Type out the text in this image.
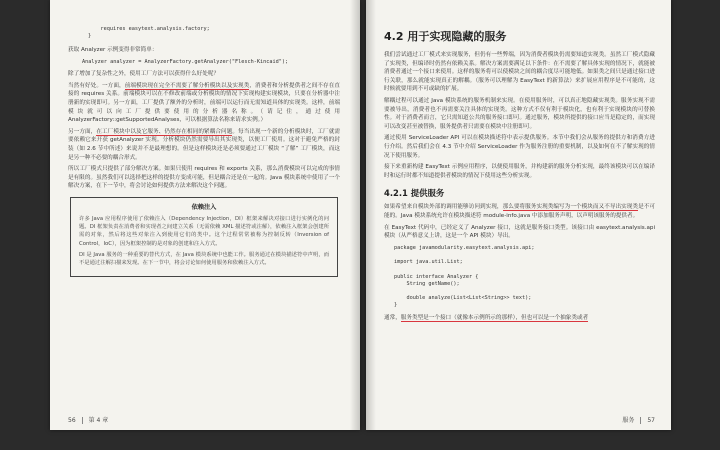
requires easytext.analysis.factory;
}

获取 Analyzer 示例变得非常简单：

Analyzer analyzer = AnalyzerFactory.getAnalyzer("Flesch-Kincaid");

除了增加了复杂性之外，使用工厂方法可以获得什么好处呢？

当然有好处。一方面，前端模块现在完全不需要了解分析模块以及实现类，消费者和分析提供者之间不存在直接的 requires 关系。前端模块可以在不修改前端或分析模块的情况下实现构建实现模块，只要在分析器中注册新的实现即可。另一方面，工厂提供了额外的分析时，前端可以运行而无需知道具体的实现类。这样，前端模块就可以向工厂提供要使用的分析器名称。（请记住，通过使用 AnalyzerFactory::getSupportedAnalyses，可以根据算法名称来请求实例。）

另一方面，在工厂模块中以及它服务、仍然存在相同的紧耦合问题。每当出现一个新的分析模块时，工厂就需要依赖它来开获 getAnalyzer 实现。分析模块仍然需要导出其实现类，以便工厂使用。这对于避免严格的封装（如 2.6 节中所述）来说并不是最理想的。但是这样模块还是必须要通过工厂模块 “了解” 工厂模块，而这是另一种不必要的耦合形式。

所以工厂模式只提供了部分解决方案。如果只使用 requires 和 exports 关系，那么消费模块可以完成的事情是有限的。虽然我们可以选择把这样的提供方变成可能，但是耦合还是在一起的。Java 模块系统中使用了一个解决方案，在下一节中，将会讨论如何提供方法来解决这个问题。

依赖注入

许多 Java 应用程序使用了依赖注入（Dependency Injection，DI）框架来解决对接口进行实例化的问题。DI 框架负责在消费者和实现者之间建立关系（无需依赖 XML 描述符或注解），依赖注入框架会创建所需的对象，然后将这些对象注入到使用它们的类中。这个过程常常被称为控制反转（Inversion of Control，IoC），因为框架控制的是对象的创建和注入方式。

DI 是 Java 服务的一种重要的替代方式，在 Java 模块系统中也能工作。服务通过在模块描述符中声明，而不是通过注解扫描来发现。在下一节中，将会讨论如何使用服务和依赖注入方式。

56 第 4 章
4.2 用于实现隐藏的服务

我们尝试通过工厂模式来实现服务，但仍有一些弊端，因为消费者模块仍需要知道实现类。虽然工厂模式隐藏了实现类，但编译时仍然有依赖关系。解决方案需要满足以下条件：在不需要了解具体实现的情况下，就能被消费者通过一个接口来使用。这样的服务将可以使模块之间的耦合度尽可能地低。如果类之间只是通过接口进行关联，那么就能实现真正的解耦。（服务可以理解为 EasyText 的新算法）来扩展应用程序是不可能的，这时候就要用到不可或缺的扩展。

解耦过程可以通过 Java 模块系统的服务机制来实现。在使用服务时，可以真正地隐藏实现类。服务实现不需要被导出，消费者也不再需要关注具体的实现类。这种方式不仅有利于模块化，也有利于实现模块的可替换性。对于消费者而言，它只需知道公共的服务接口即可。通过服务，模块所提供的接口应当是稳定的，而实现可以改变甚至被替换，服务提供者只需要在模块中注册即可。

通过使用 ServiceLoader API 可以在模块描述符中表示提供服务。本节中我们会从服务的提供方和消费方进行介绍。然后我们会在 4.3 节中介绍 ServiceLoader 作为服务注册的重要机制，以及如何在不了解实现的情况下使用服务。

接下来重新构建 EasyText 示例应用程序，以便使用服务，并构建新的服务分析实现，最终该模块可以在编译时和运行时都不知道提供者模块的情况下使用这些分析实现。

4.2.1 提供服务

如果希望来自模块外部的调用能够访问到实现，那么要将服务实现类编写为一个模块而又不导出实现类是不可能的。Java 模块系统允许在模块描述符 module-info.java 中添加服务声明，以声明该服务的提供者。

在 EasyText 代码中，已经定义了 Analyzer 接口，这就是服务接口类型。该接口由 easytext.analysis.api 模块（从严格意义上讲，这是一个 API 模块）导出。

package javamodularity.easytext.analysis.api;

import java.util.List;

public interface Analyzer {
String getName();

double analyze(List<List<String>> text);
}

通常，服务类型是一个接口（就像本示例所示的那样），但也可以是一个抽象类或者

服务 57
